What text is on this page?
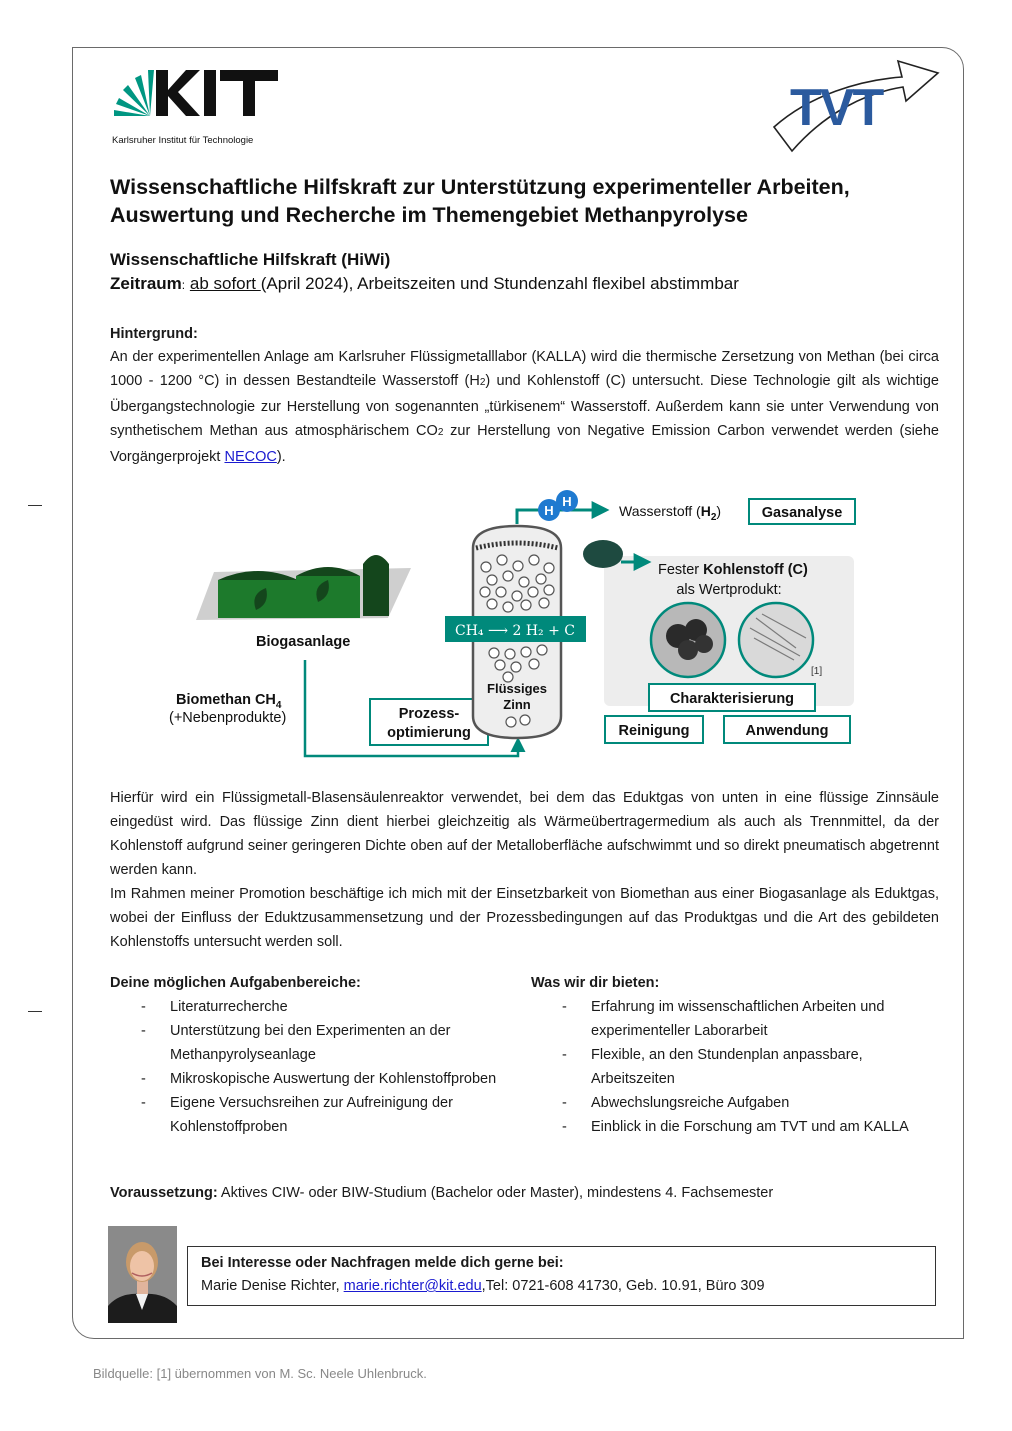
Karlsruher Institut für Technologie
TVT
Wissenschaftliche Hilfskraft zur Unterstützung experimenteller Arbeiten, Auswertung und Recherche im Themengebiet Methanpyrolyse
Wissenschaftliche Hilfskraft (HiWi)
Zeitraum: ab sofort (April 2024), Arbeitszeiten und Stundenzahl flexibel abstimmbar
Hintergrund:

An der experimentellen Anlage am Karlsruher Flüssigmetalllabor (KALLA) wird die thermische Zersetzung von Methan (bei circa 1000 - 1200 °C) in dessen Bestandteile Wasserstoff (H2) und Kohlenstoff (C) untersucht. Diese Technologie gilt als wichtige Übergangstechnologie zur Herstellung von sogenannten „türkisenem“ Wasserstoff. Außerdem kann sie unter Verwendung von synthetischem Methan aus atmosphärischem CO2 zur Herstellung von Negative Emission Carbon verwendet werden (siehe Vorgängerprojekt NECOC).

Biogasanlage
Biomethan $CH_4$
(+Nebenprodukte)	Prozess-
optimierung
Flüssiges
Zinn
CH₄ ⟶ 2 H₂ + C
H
H
Wasserstoff $(H_2)$	Gasanalyse
Fester Kohlenstoff (C)
als Wertprodukt:
[1]
Charakterisierung
Reinigung	Anwendung

Hierfür wird ein Flüssigmetall-Blasensäulenreaktor verwendet, bei dem das Eduktgas von unten in eine flüssige Zinnsäule eingedüst wird. Das flüssige Zinn dient hierbei gleichzeitig als Wärmeübertragermedium als auch als Trennmittel, da der Kohlenstoff aufgrund seiner geringeren Dichte oben auf der Metalloberfläche aufschwimmt und so direkt pneumatisch abgetrennt werden kann.

Im Rahmen meiner Promotion beschäftige ich mich mit der Einsetzbarkeit von Biomethan aus einer Biogasanlage als Eduktgas, wobei der Einfluss der Eduktzusammensetzung und der Prozessbedingungen auf das Produktgas und die Art des gebildeten Kohlenstoffs untersucht werden soll.

Deine möglichen Aufgabenbereiche:
- Literaturrecherche
- Unterstützung bei den Experimenten an der Methanpyrolyseanlage
- Mikroskopische Auswertung der Kohlenstoffproben
- Eigene Versuchsreihen zur Aufreinigung der Kohlenstoffproben
Was wir dir bieten:
- Erfahrung im wissenschaftlichen Arbeiten und experimenteller Laborarbeit
- Flexible, an den Stundenplan anpassbare, Arbeitszeiten
- Abwechslungsreiche Aufgaben
- Einblick in die Forschung am TVT und am KALLA
Voraussetzung: Aktives CIW- oder BIW-Studium (Bachelor oder Master), mindestens 4. Fachsemester
Bei Interesse oder Nachfragen melde dich gerne bei:
Marie Denise Richter, marie.richter@kit.edu,Tel: 0721-608 41730, Geb. 10.91, Büro 309
Bildquelle: [1] übernommen von M. Sc. Neele Uhlenbruck.
